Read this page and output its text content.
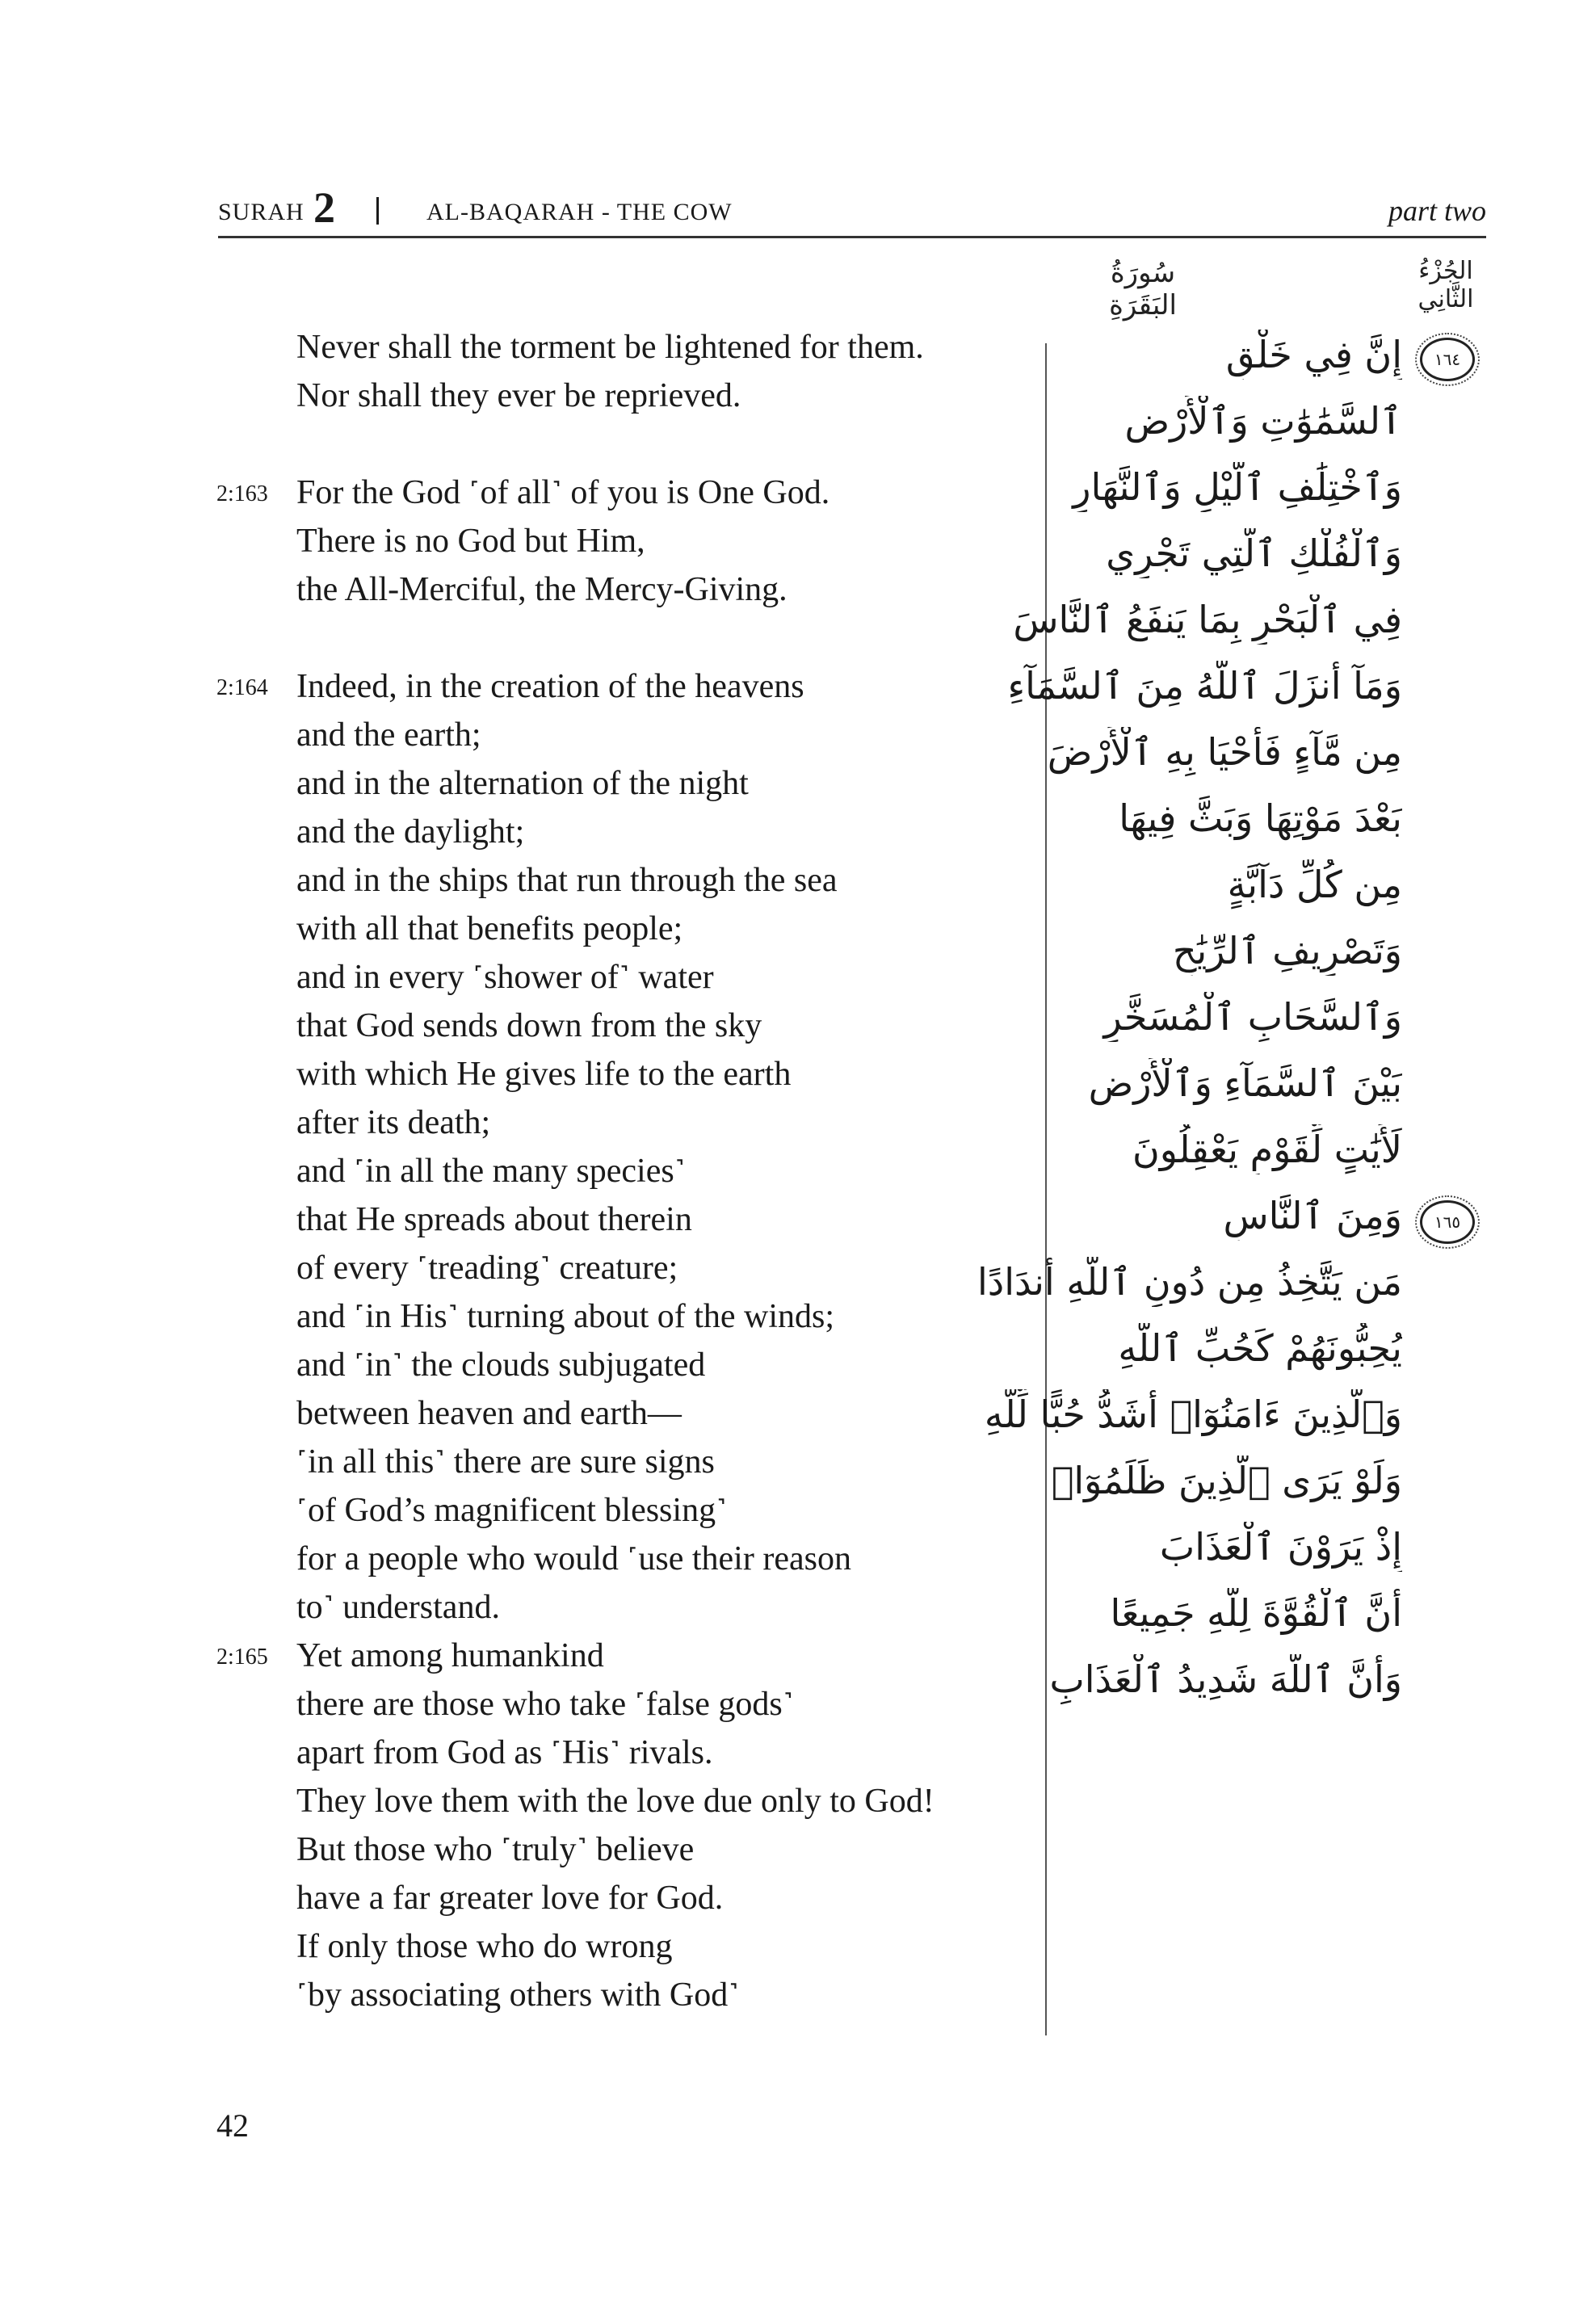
SURAH 2	AL-BAQARAH - THE COW	part two
سُورَةُ البَقَرَةِ
الجُزْءُ الثَّانِي
Never shall the torment be lightened for them.
Nor shall they ever be reprieved.
2:163 For the God ˹of all˺ of you is One God.
There is no God but Him,
the All-Merciful, the Mercy-Giving.
2:164 Indeed, in the creation of the heavens
and the earth;
and in the alternation of the night
and the daylight;
and in the ships that run through the sea
with all that benefits people;
and in every ˹shower of˺ water
that God sends down from the sky
with which He gives life to the earth
after its death;
and ˹in all the many species˺
that He spreads about therein
of every ˹treading˺ creature;
and ˹in His˺ turning about of the winds;
and ˹in˺ the clouds subjugated
between heaven and earth—
˹in all this˺ there are sure signs
˹of God’s magnificent blessing˺
for a people who would ˹use their reason
to˺ understand.
2:165 Yet among humankind
there are those who take ˹false gods˺
apart from God as ˹His˺ rivals.
They love them with the love due only to God!
But those who ˹truly˺ believe
have a far greater love for God.
If only those who do wrong
˹by associating others with God˺
١٦٤
إِنَّ فِي خَلْقِ
ٱلسَّمَٰوَٰتِ وَٱلْأَرْضِ
وَٱخْتِلَٰفِ ٱلَّيْلِ وَٱلنَّهَارِ
وَٱلْفُلْكِ ٱلَّتِي تَجْرِي
فِي ٱلْبَحْرِ بِمَا يَنفَعُ ٱلنَّاسَ
وَمَآ أَنزَلَ ٱللَّهُ مِنَ ٱلسَّمَآءِ
مِن مَّآءٍ فَأَحْيَا بِهِ ٱلْأَرْضَ
بَعْدَ مَوْتِهَا وَبَثَّ فِيهَا
مِن كُلِّ دَآبَّةٍ
وَتَصْرِيفِ ٱلرِّيَٰحِ
وَٱلسَّحَابِ ٱلْمُسَخَّرِ
بَيْنَ ٱلسَّمَآءِ وَٱلْأَرْضِ
لَأَيَٰتٍ لِّقَوْمٍ يَعْقِلُونَ
١٦٥
وَمِنَ ٱلنَّاسِ
مَن يَتَّخِذُ مِن دُونِ ٱللَّهِ أَندَادًا
يُحِبُّونَهُمْ كَحُبِّ ٱللَّهِ
وَٱلَّذِينَ ءَامَنُوٓا۟ أَشَدُّ حُبًّا لِّلَّهِ
وَلَوْ يَرَى ٱلَّذِينَ ظَلَمُوٓا۟
إِذْ يَرَوْنَ ٱلْعَذَابَ
أَنَّ ٱلْقُوَّةَ لِلَّهِ جَمِيعًا
وَأَنَّ ٱللَّهَ شَدِيدُ ٱلْعَذَابِ
42
